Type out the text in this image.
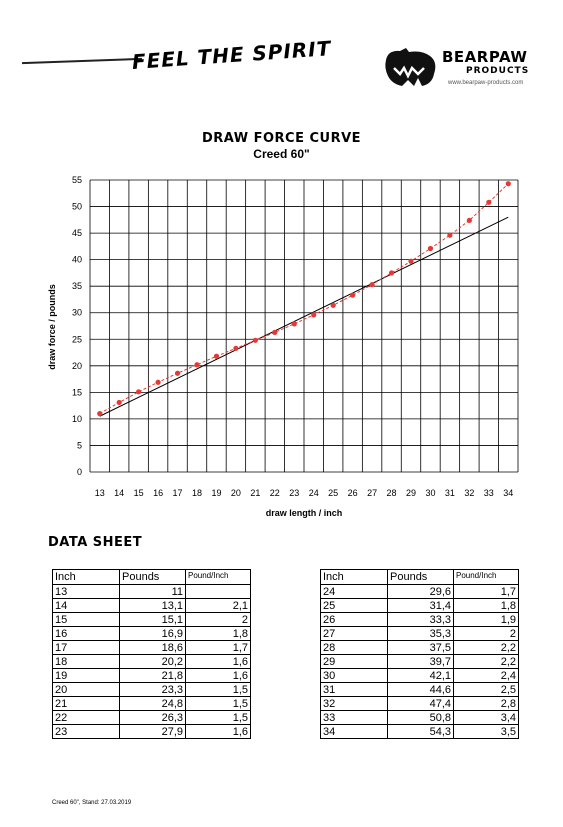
FEEL THE SPIRIT	BEARPAW
PRODUCTS
www.bearpaw-products.com
DRAW FORCE CURVE
Creed 60"
0
5
10
15
20
25
30
35
40
45
50
55
13 14 15 16 17 18 19 20 21 22 23 24 25 26 27 28 29 30 31 32 33 34
draw force / pounds
draw length / inch
DATA SHEET
Inch	Pounds	Pound/Inch
13	11	
14	13,1	2,1
15	15,1	2
16	16,9	1,8
17	18,6	1,7
18	20,2	1,6
19	21,8	1,6
20	23,3	1,5
21	24,8	1,5
22	26,3	1,5
23	27,9	1,6
Inch	Pounds	Pound/Inch
24	29,6	1,7
25	31,4	1,8
26	33,3	1,9
27	35,3	2
28	37,5	2,2
29	39,7	2,2
30	42,1	2,4
31	44,6	2,5
32	47,4	2,8
33	50,8	3,4
34	54,3	3,5
Creed 60", Stand: 27.03.2019
